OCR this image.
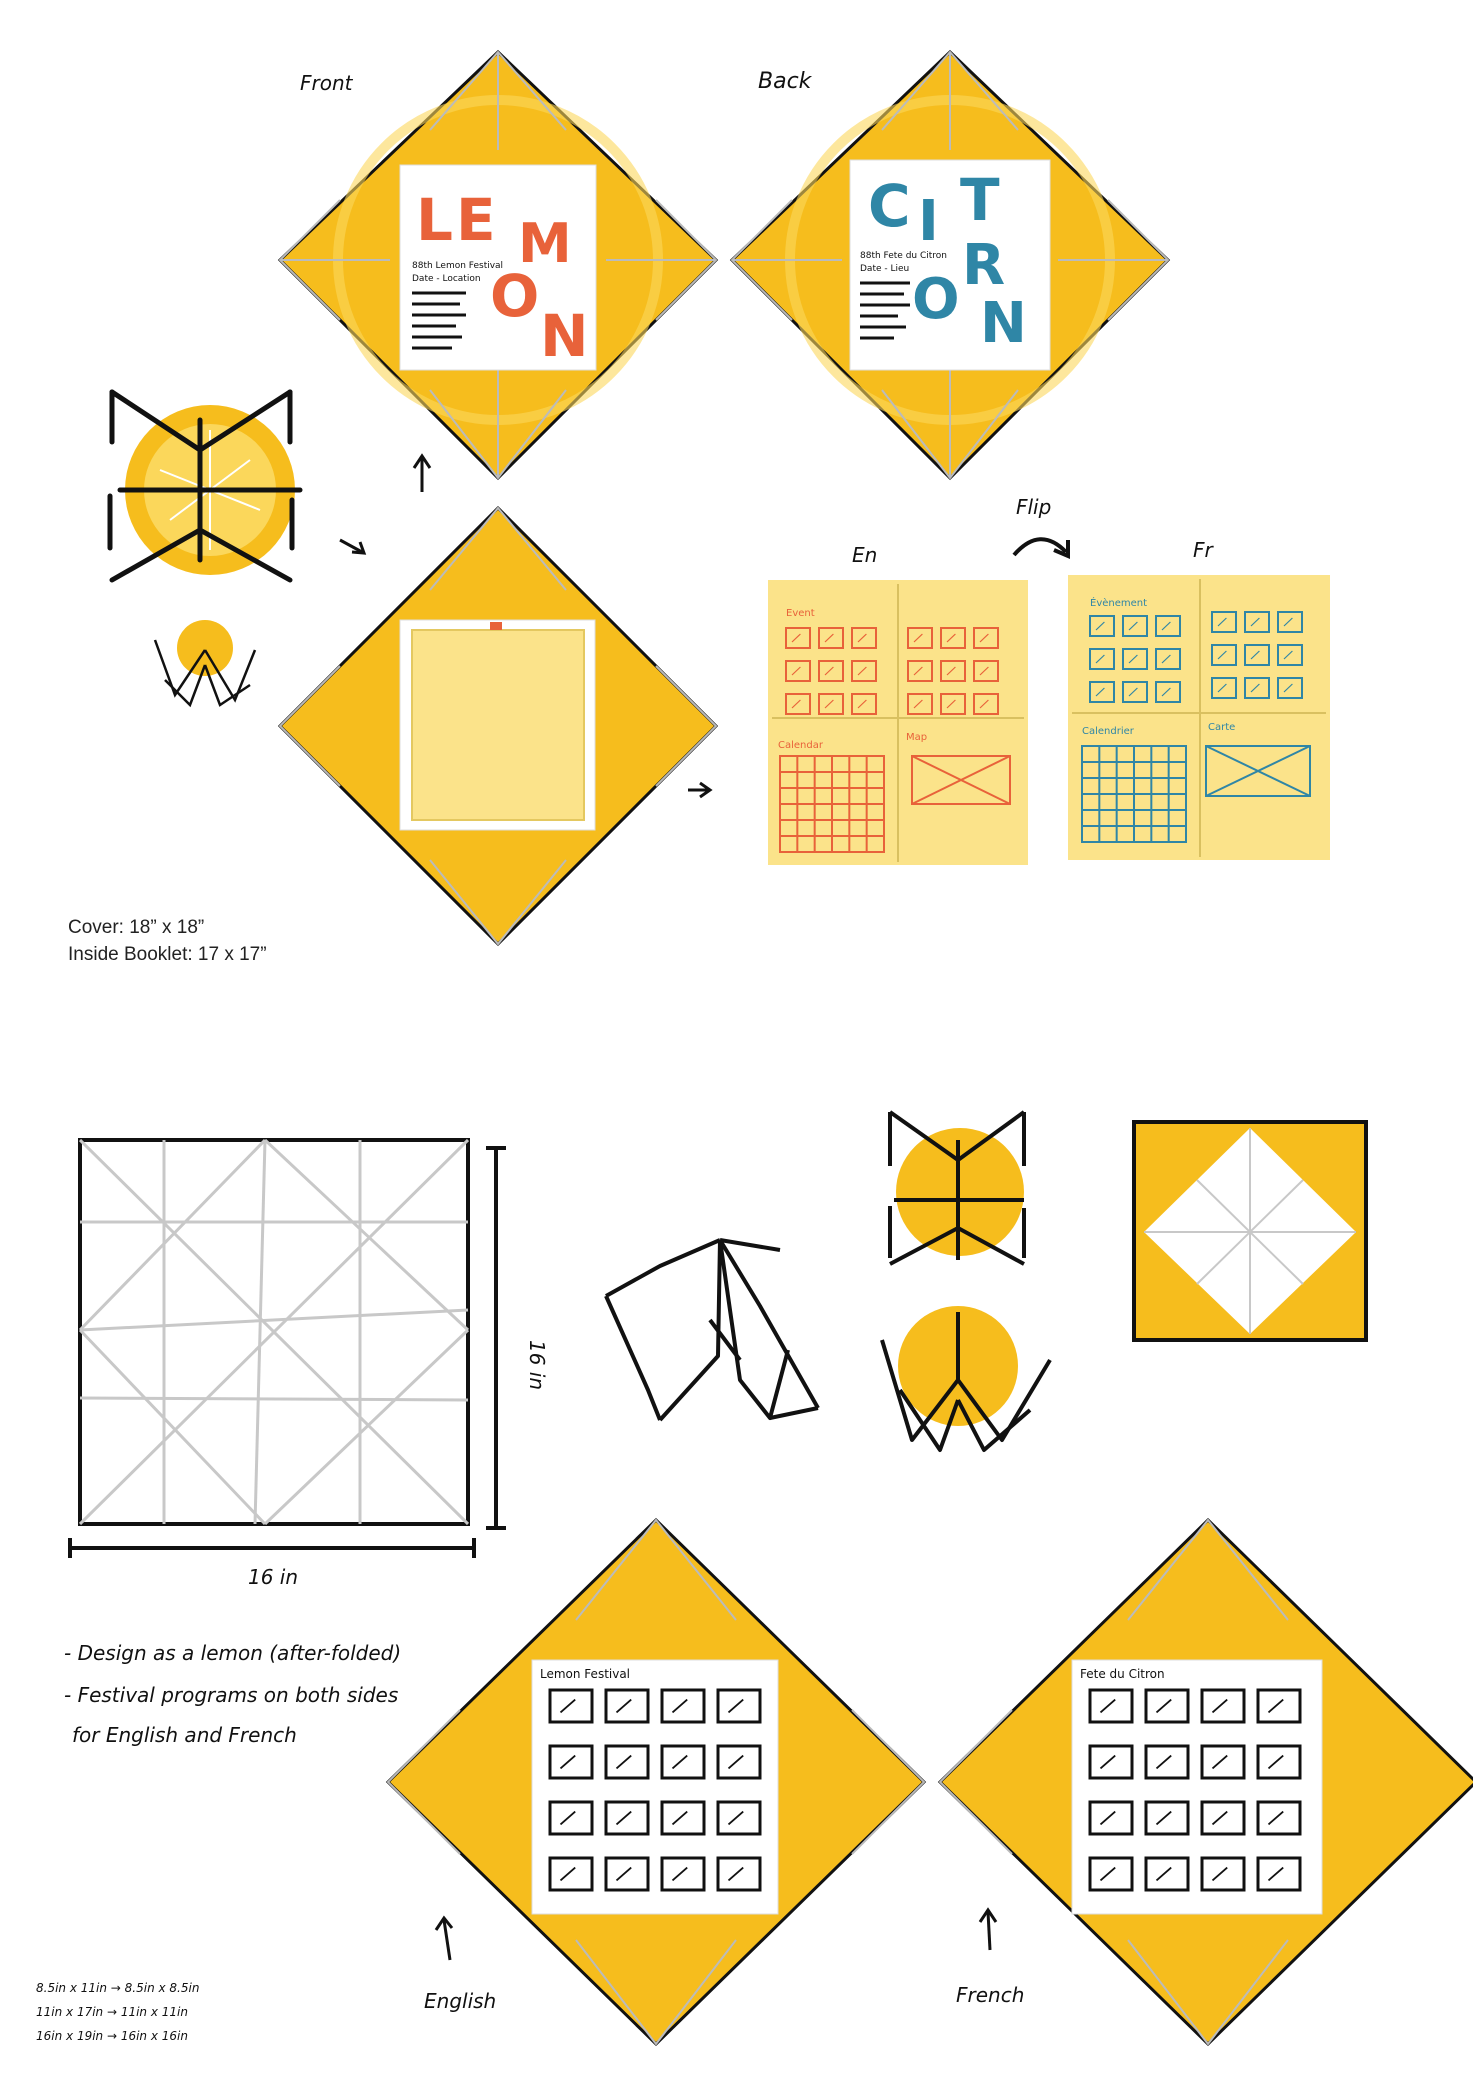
L E M
O
N
88th Lemon Festival
Date - Location
Front
C I T
R
O N
88th Fete du Citron
Date - Lieu
Back
En	Fr
Flip
Event
Calendar
Map
Évènement
Calendrier	Carte
16 in
16 in
- Design as a lemon (after-folded)
- Festival programs on both sides
for English and French
8.5in x 11in → 8.5in x 8.5in
11in x 17in → 11in x 11in
16in x 19in → 16in x 16in
Lemon Festival
English
Fete du Citron
French
Cover: 18” x 18”
Inside Booklet: 17 x 17”
